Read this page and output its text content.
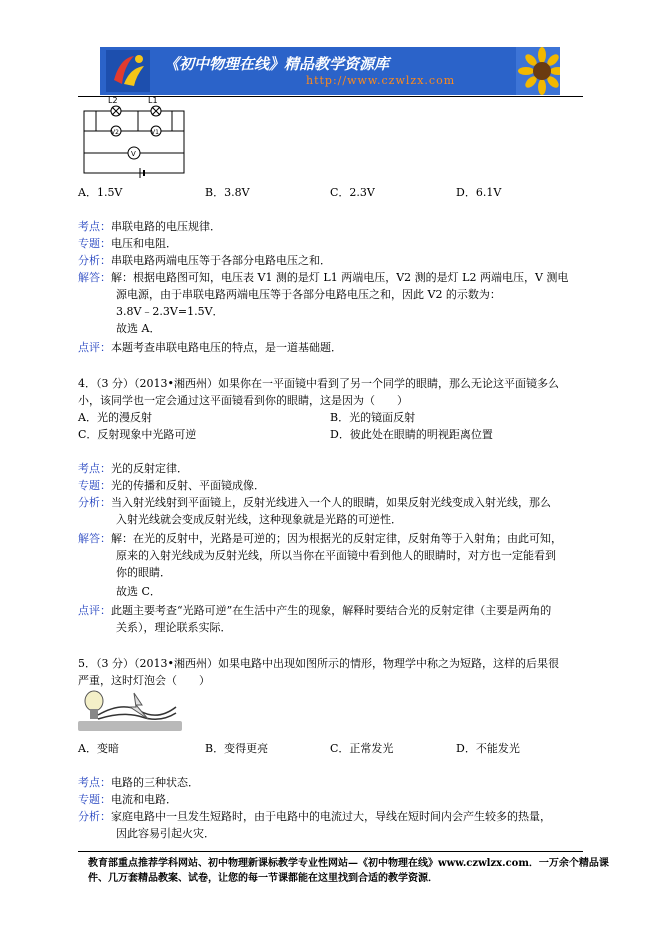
《初中物理在线》精品教学资源库
http://www.czwlzx.com
L2	L1
V2	V1
V
A．1.5V	B．3.8V	C．2.3V	D．6.1V
考点：串联电路的电压规律．
专题：电压和电阻．
分析：串联电路两端电压等于各部分电路电压之和．
解答：解：根据电路图可知，电压表 V1 测的是灯 L1 两端电压，V2 测的是灯 L2 两端电压，V 测电
源电源，由于串联电路两端电压等于各部分电路电压之和，因此 V2 的示数为：
3.8V﹣2.3V=1.5V．
故选 A．
点评：本题考查串联电路电压的特点，是一道基础题．
4．（3 分）（2013•湘西州）如果你在一平面镜中看到了另一个同学的眼睛，那么无论这平面镜多么
小，该同学也一定会通过这平面镜看到你的眼睛，这是因为（　　）
A．光的漫反射	B．光的镜面反射
C．反射现象中光路可逆	D．彼此处在眼睛的明视距离位置
考点：光的反射定律．
专题：光的传播和反射、平面镜成像．
分析：当入射光线射到平面镜上，反射光线进入一个人的眼睛，如果反射光线变成入射光线，那么
入射光线就会变成反射光线，这种现象就是光路的可逆性．
解答：解：在光的反射中，光路是可逆的；因为根据光的反射定律，反射角等于入射角；由此可知，
原来的入射光线成为反射光线，所以当你在平面镜中看到他人的眼睛时，对方也一定能看到
你的眼睛．
故选 C．
点评：此题主要考查“光路可逆”在生活中产生的现象，解释时要结合光的反射定律（主要是两角的
关系），理论联系实际．
5．（3 分）（2013•湘西州）如果电路中出现如图所示的情形，物理学中称之为短路，这样的后果很
严重，这时灯泡会（　　）
A．变暗	B．变得更亮	C．正常发光	D．不能发光
考点：电路的三种状态．
专题：电流和电路．
分析：家庭电路中一旦发生短路时，由于电路中的电流过大，导线在短时间内会产生较多的热量，
因此容易引起火灾．
教育部重点推荐学科网站、初中物理新课标教学专业性网站—《初中物理在线》www.czwlzx.com．一万余个精品课
件、几万套精品教案、试卷，让您的每一节课都能在这里找到合适的教学资源．
